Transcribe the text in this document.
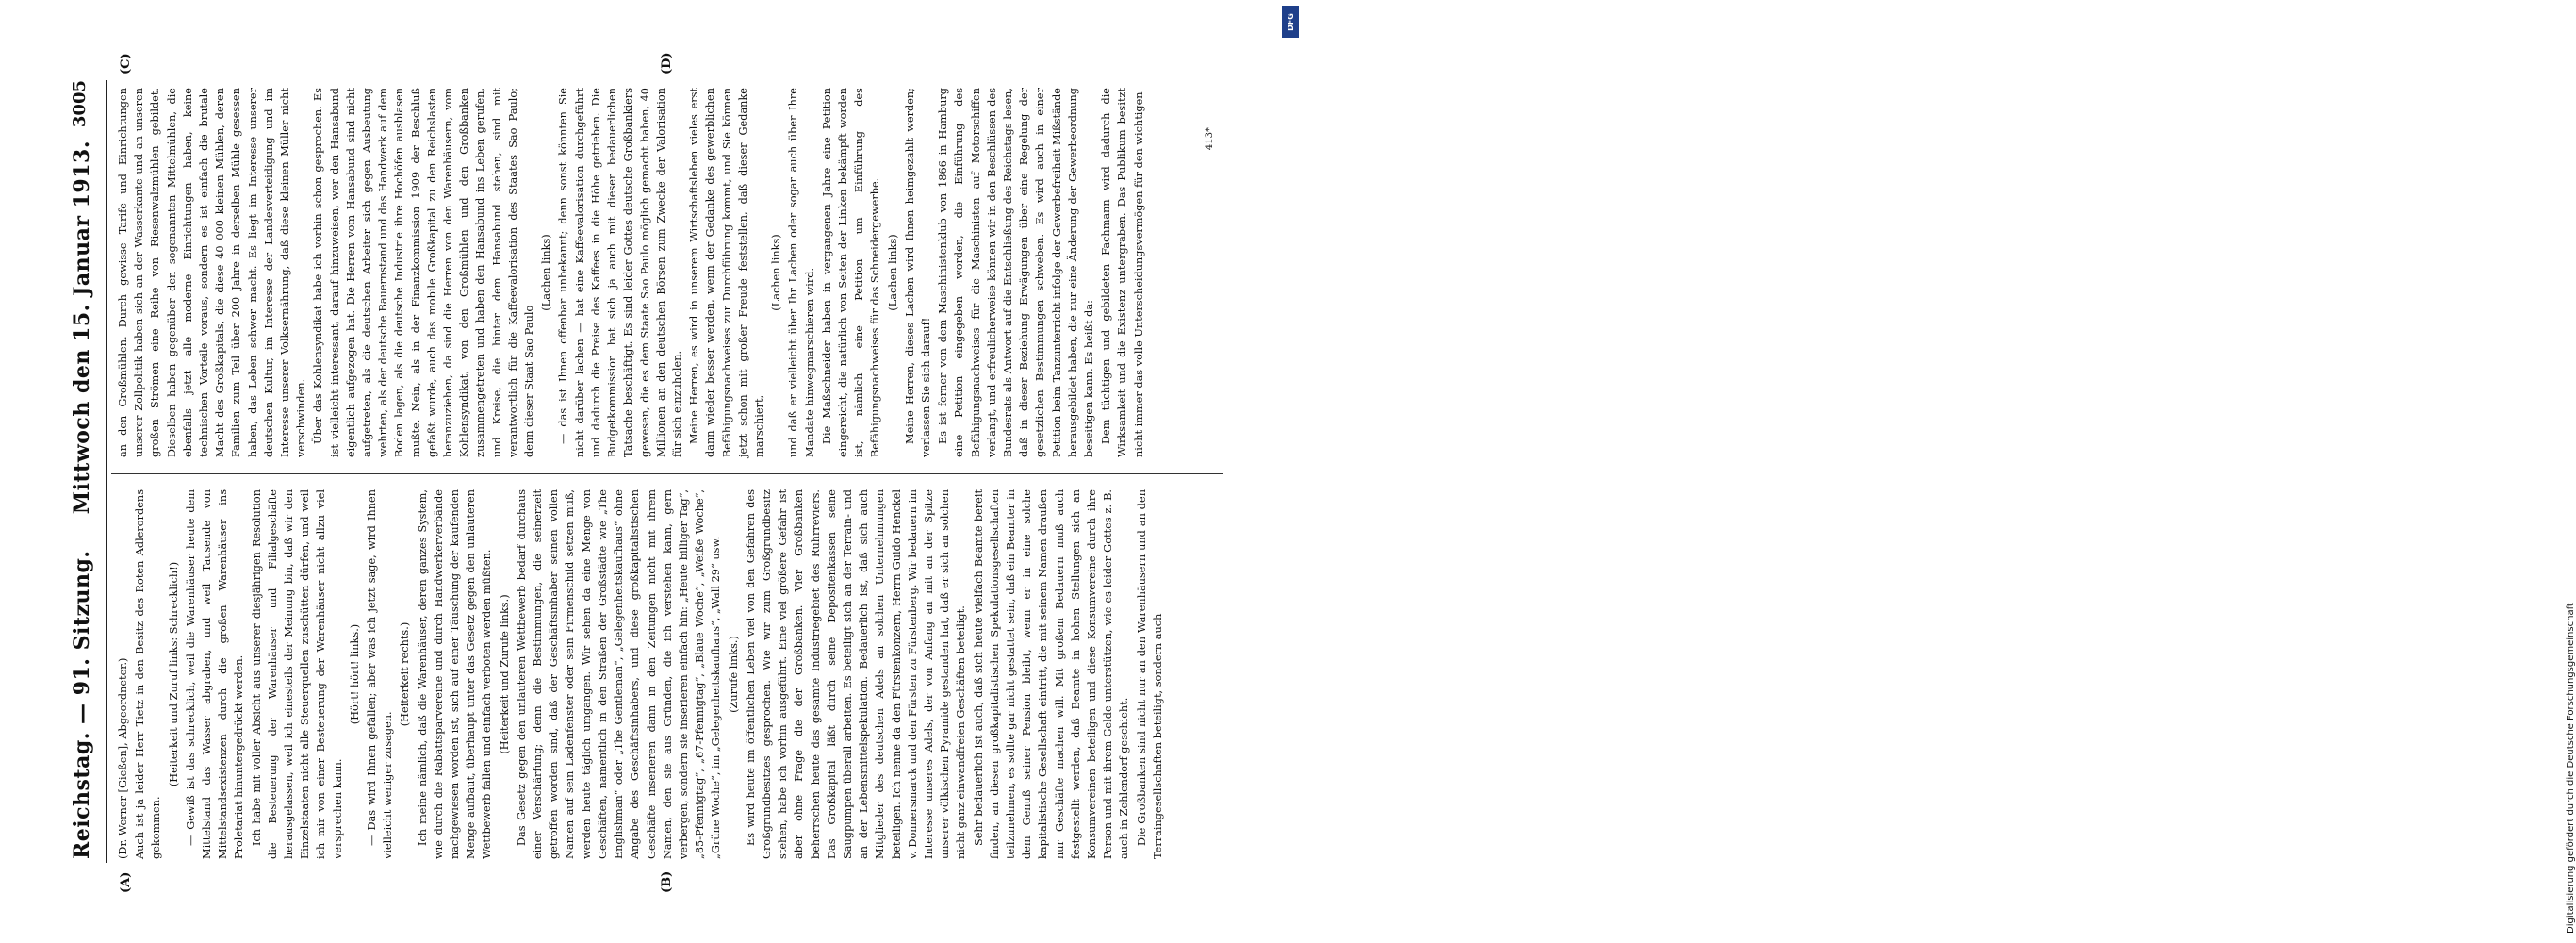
Reichstag. — 91. Sitzung.
Mittwoch den 15. Januar 1913.
3005
(A)	(B)
(C)	(D)

(Dr. Werner [Gießen], Abgeordneter.) Auch ist ja leider Herr Tietz in den Besitz des Roten Adlerordens gekommen.

(Heiterkeit und Zuruf links: Schrecklich!) — Gewiß ist das schrecklich, weil die Warenhäuser heute dem Mittelstand das Wasser abgraben, und weil Tausende von Mittelstandsexistenzen durch die großen Warenhäuser ins Proletariat hinuntergedrückt werden. Ich habe mit voller Absicht aus unserer diesjährigen Resolution die Besteuerung der Warenhäuser und Filialgeschäfte herausgelassen, weil ich einesteils der Meinung bin, daß wir den Einzelstaaten nicht alle Steuerquellen zuschütten dürfen, und weil ich mir von einer Besteuerung der Warenhäuser nicht allzu viel versprechen kann.

(Hört! hört! links.) — Das wird Ihnen gefallen; aber was ich jetzt sage, wird Ihnen vielleicht weniger zusagen.

(Heiterkeit rechts.) Ich meine nämlich, daß die Warenhäuser, deren ganzes System, wie durch die Rabattsparvereine und durch Handwerkerverbände nachgewiesen worden ist, sich auf einer Täuschung der kaufenden Menge aufbaut, überhaupt unter das Gesetz gegen den unlauteren Wettbewerb fallen und einfach verboten werden müßten. (Heiterkeit und Zurufe links.) Das Gesetz gegen den unlauteren Wettbewerb bedarf durchaus einer Verschärfung; denn die Bestimmungen, die seinerzeit getroffen worden sind, daß der Geschäftsinhaber seinen vollen Namen auf sein Ladenfenster oder sein Firmenschild setzen muß, werden heute täglich umgangen. Wir sehen da eine Menge von Geschäften, namentlich in den Straßen der Großstädte wie „The Englishman“ oder „The Gentleman“, „Gelegenheitskaufhaus“ ohne Angabe des Geschäftsinhabers, und diese großkapitalistischen Geschäfte inserieren dann in den Zeitungen nicht mit ihrem Namen, den sie aus Gründen, die ich verstehen kann, gern verbergen, sondern sie inserieren einfach hin: „Heute billiger Tag“, „85-Pfennigtag“, „67-Pfennigtag“, „Blaue Woche“, „Weiße Woche“, „Grüne Woche“, im „Gelegenheitskaufhaus“, „Wall 29“ usw. (Zurufe links.) Es wird heute im öffentlichen Leben viel von den Gefahren des Großgrundbesitzes gesprochen. Wie wir zum Großgrundbesitz stehen, habe ich vorhin ausgeführt. Eine viel größere Gefahr ist aber ohne Frage die der Großbanken. Vier Großbanken beherrschen heute das gesamte Industriegebiet des Ruhrreviers. Das Großkapital läßt durch seine Depositenkassen seine Saugpumpen überall arbeiten. Es beteiligt sich an der Terrain- und an der Lebensmittelspekulation. Bedauerlich ist, daß sich auch Mitglieder des deutschen Adels an solchen Unternehmungen beteiligen. Ich nenne da den Fürstenkonzern, Herrn Guido Henckel v. Donnersmarck und den Fürsten zu Fürstenberg. Wir bedauern im Interesse unseres Adels, der von Anfang an mit an der Spitze unserer völkischen Pyramide gestanden hat, daß er sich an solchen nicht ganz einwandfreien Geschäften beteiligt. Sehr bedauerlich ist auch, daß sich heute vielfach Beamte bereit finden, an diesen großkapitalistischen Spekulationsgesellschaften teilzunehmen, es sollte gar nicht gestattet sein, daß ein Beamter in dem Genuß seiner Pension bleibt, wenn er in eine solche kapitalistische Gesellschaft eintritt, die mit seinem Namen draußen nur Geschäfte machen will. Mit großem Bedauern muß auch festgestellt werden, daß Beamte in hohen Stellungen sich an Konsumvereinen beteiligen und diese Konsumvereine durch ihre Person und mit ihrem Gelde unterstützen, wie es leider Gottes z. B. auch in Zehlendorf geschieht. Die Großbanken sind nicht nur an den Warenhäusern und an den Terraingesellschaften beteiligt, sondern auch

an den Großmühlen. Durch gewisse Tarife und Einrichtungen unserer Zollpolitik haben sich an der Wasserkante und an unseren großen Strömen eine Reihe von Riesenwalzmühlen gebildet. Dieselben haben gegenüber den sogenannten Mittelmühlen, die ebenfalls jetzt alle moderne Einrichtungen haben, keine technischen Vorteile voraus, sondern es ist einfach die brutale Macht des Großkapitals, die diese 40 000 kleinen Mühlen, deren Familien zum Teil über 200 Jahre in derselben Mühle gesessen haben, das Leben schwer macht. Es liegt im Interesse unserer deutschen Kultur, im Interesse der Landesverteidigung und im Interesse unserer Volksernährung, daß diese kleinen Müller nicht verschwinden. Über das Kohlensyndikat habe ich vorhin schon gesprochen. Es ist vielleicht interessant, darauf hinzuweisen, wer den Hansabund eigentlich aufgezogen hat. Die Herren vom Hansabund sind nicht aufgetreten, als die deutschen Arbeiter sich gegen Ausbeutung wehrten, als der deutsche Bauernstand und das Handwerk auf dem Boden lagen, als die deutsche Industrie ihre Hochöfen ausblasen mußte. Nein, als in der Finanzkommission 1909 der Beschluß gefaßt wurde, auch das mobile Großkapital zu den Reichslasten heranzuziehen, da sind die Herren von den Warenhäusern, vom Kohlensyndikat, von den Großmühlen und den Großbanken zusammengetreten und haben den Hansabund ins Leben gerufen, und Kreise, die hinter dem Hansabund stehen, sind mit verantwortlich für die Kaffeevalorisation des Staates Sao Paulo; denn dieser Staat Sao Paulo

(Lachen links) — das ist Ihnen offenbar unbekannt; denn sonst könnten Sie nicht darüber lachen — hat eine Kaffeevalorisation durchgeführt und dadurch die Preise des Kaffees in die Höhe getrieben. Die Budgetkommission hat sich ja auch mit dieser bedauerlichen Tatsache beschäftigt. Es sind leider Gottes deutsche Großbankiers gewesen, die es dem Staate Sao Paulo möglich gemacht haben, 40 Millionen an den deutschen Börsen zum Zwecke der Valorisation für sich einzuholen. Meine Herren, es wird in unserem Wirtschaftsleben vieles erst dann wieder besser werden, wenn der Gedanke des gewerblichen Befähigungsnachweises zur Durchführung kommt, und Sie können jetzt schon mit großer Freude feststellen, daß dieser Gedanke marschiert,

(Lachen links) und daß er vielleicht über Ihr Lachen oder sogar auch über Ihre Mandate hinwegmarschieren wird. Die Maßschneider haben in vergangenen Jahre eine Petition eingereicht, die natürlich von Seiten der Linken bekämpft worden ist, nämlich eine Petition um Einführung des Befähigungsnachweises für das Schneidergewerbe. (Lachen links) Meine Herren, dieses Lachen wird Ihnen heimgezahlt werden; verlassen Sie sich darauf! Es ist ferner von dem Maschinistenklub von 1866 in Hamburg eine Petition eingegeben worden, die Einführung des Befähigungsnachweises für die Maschinisten auf Motorschiffen verlangt, und erfreulicherweise können wir in den Beschlüssen des Bundesrats als Antwort auf die Entschließung des Reichstags lesen, daß in dieser Beziehung Erwägungen über eine Regelung der gesetzlichen Bestimmungen schweben. Es wird auch in einer Petition beim Tanzunterricht infolge der Gewerbefreiheit Mißstände herausgebildet haben, die nur eine Änderung der Gewerbeordnung beseitigen kann. Es heißt da: Dem tüchtigen und gebildeten Fachmann wird dadurch die Wirksamkeit und die Existenz untergraben. Das Publikum besitzt nicht immer das volle Unterscheidungsvermögen für den wichtigen	413*
DFG
Digitalisierung gefördert durch die Deutsche Forschungsgemeinschaft
